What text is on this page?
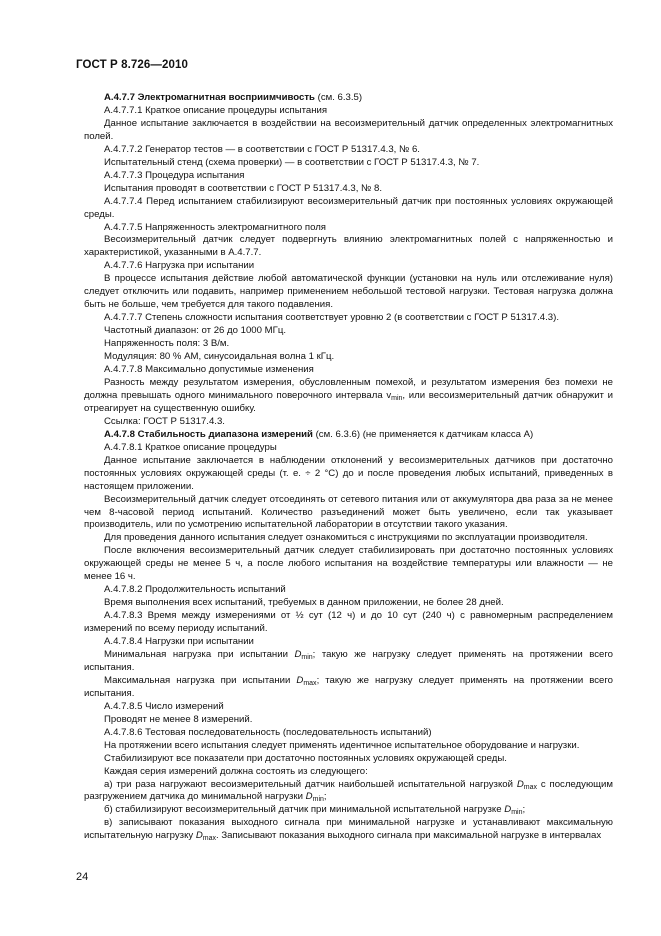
ГОСТ Р 8.726—2010

А.4.7.7 Электромагнитная восприимчивость (см. 6.3.5)

А.4.7.7.1 Краткое описание процедуры испытания

Данное испытание заключается в воздействии на весоизмерительный датчик определенных электромагнитных полей.

А.4.7.7.2 Генератор тестов — в соответствии с ГОСТ Р 51317.4.3, № 6.

Испытательный стенд (схема проверки) — в соответствии с ГОСТ Р 51317.4.3, № 7.

А.4.7.7.3 Процедура испытания

Испытания проводят в соответствии с ГОСТ Р 51317.4.3, № 8.

А.4.7.7.4 Перед испытанием стабилизируют весоизмерительный датчик при постоянных условиях окружающей среды.

А.4.7.7.5 Напряженность электромагнитного поля

Весоизмерительный датчик следует подвергнуть влиянию электромагнитных полей с напряженностью и характеристикой, указанными в А.4.7.7.

А.4.7.7.6 Нагрузка при испытании

В процессе испытания действие любой автоматической функции (установки на нуль или отслеживание нуля) следует отключить или подавить, например применением небольшой тестовой нагрузки. Тестовая нагрузка должна быть не больше, чем требуется для такого подавления.

А.4.7.7.7 Степень сложности испытания соответствует уровню 2 (в соответствии с ГОСТ Р 51317.4.3).

Частотный диапазон: от 26 до 1000 МГц.

Напряженность поля: 3 В/м.

Модуляция: 80 % АМ, синусоидальная волна 1 кГц.

А.4.7.7.8 Максимально допустимые изменения

Разность между результатом измерения, обусловленным помехой, и результатом измерения без помехи не должна превышать одного минимального поверочного интервала $v_{min}$, или весоизмерительный датчик обнаружит и отреагирует на существенную ошибку.

Ссылка: ГОСТ Р 51317.4.3.

А.4.7.8 Стабильность диапазона измерений (см. 6.3.6) (не применяется к датчикам класса А)

А.4.7.8.1 Краткое описание процедуры

Данное испытание заключается в наблюдении отклонений у весоизмерительных датчиков при достаточно постоянных условиях окружающей среды (т. е. ÷ 2 °С) до и после проведения любых испытаний, приведенных в настоящем приложении.

Весоизмерительный датчик следует отсоединять от сетевого питания или от аккумулятора два раза за не менее чем 8-часовой период испытаний. Количество разъединений может быть увеличено, если так указывает производитель, или по усмотрению испытательной лаборатории в отсутствии такого указания.

Для проведения данного испытания следует ознакомиться с инструкциями по эксплуатации производителя.

После включения весоизмерительный датчик следует стабилизировать при достаточно постоянных условиях окружающей среды не менее 5 ч, а после любого испытания на воздействие температуры или влажности — не менее 16 ч.

А.4.7.8.2 Продолжительность испытаний

Время выполнения всех испытаний, требуемых в данном приложении, не более 28 дней.

А.4.7.8.3 Время между измерениями от ½ сут (12 ч) и до 10 сут (240 ч) с равномерным распределением измерений по всему периоду испытаний.

А.4.7.8.4 Нагрузки при испытании

Минимальная нагрузка при испытании $D_{min}$; такую же нагрузку следует применять на протяжении всего испытания.

Максимальная нагрузка при испытании $D_{max}$; такую же нагрузку следует применять на протяжении всего испытания.

А.4.7.8.5 Число измерений

Проводят не менее 8 измерений.

А.4.7.8.6 Тестовая последовательность (последовательность испытаний)

На протяжении всего испытания следует применять идентичное испытательное оборудование и нагрузки.

Стабилизируют все показатели при достаточно постоянных условиях окружающей среды.

Каждая серия измерений должна состоять из следующего:

а) три раза нагружают весоизмерительный датчик наибольшей испытательной нагрузкой $D_{max}$ с последующим разгружением датчика до минимальной нагрузки $D_{min}$;

б) стабилизируют весоизмерительный датчик при минимальной испытательной нагрузке $D_{min}$;

в) записывают показания выходного сигнала при минимальной нагрузке и устанавливают максимальную испытательную нагрузку $D_{max}$. Записывают показания выходного сигнала при максимальной нагрузке в интервалах

24
